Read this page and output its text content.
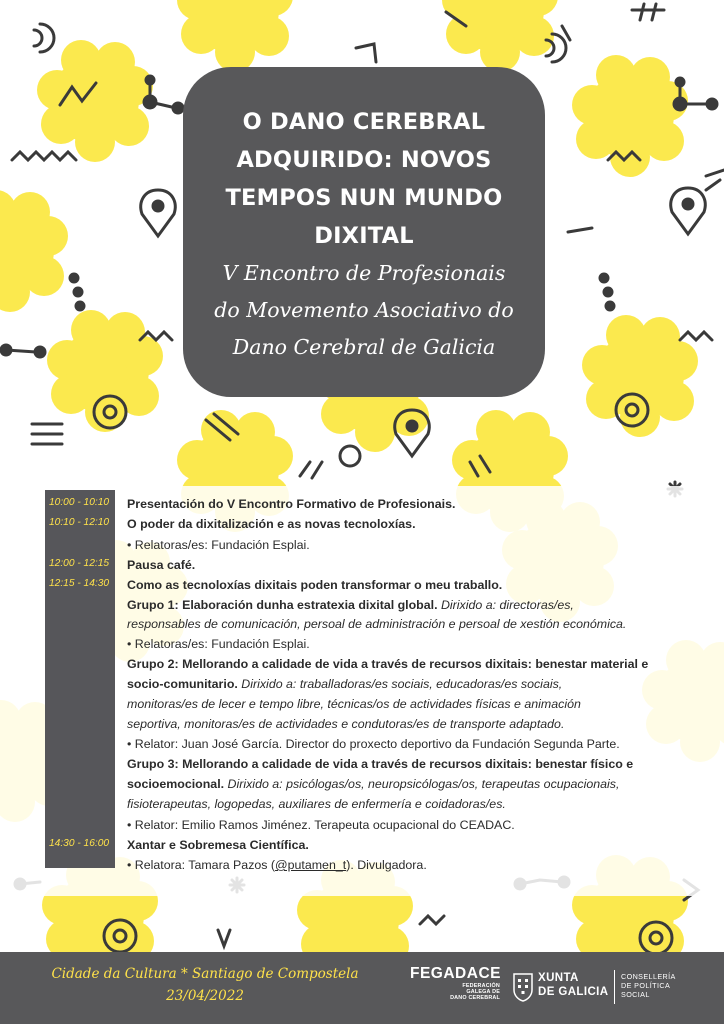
O DANO CEREBRAL
ADQUIRIDO: NOVOS
TEMPOS NUN MUNDO
DIXITAL
V Encontro de Profesionais
do Movemento Asociativo do
Dano Cerebral de Galicia
10:00 - 10:10
10:10 - 12:10
12:00 - 12:15
12:15 - 14:30
14:30 - 16:00
Presentación do V Encontro Formativo de Profesionais.
O poder da dixitalización e as novas tecnoloxías.
• Relatoras/es: Fundación Esplai.
Pausa café.
Como as tecnoloxías dixitais poden transformar o meu traballo.
Grupo 1: Elaboración dunha estratexia dixital global. Dirixido a: directoras/es,
responsables de comunicación, persoal de administración e persoal de xestión económica.
• Relatoras/es: Fundación Esplai.
Grupo 2: Mellorando a calidade de vida a través de recursos dixitais: benestar material e
socio-comunitario. Dirixido a: traballadoras/es sociais, educadoras/es sociais,
monitoras/es de lecer e tempo libre, técnicas/os de actividades físicas e animación
seportiva, monitoras/es de actividades e condutoras/es de transporte adaptado.
• Relator: Juan José García. Director do proxecto deportivo da Fundación Segunda Parte.
Grupo 3: Mellorando a calidade de vida a través de recursos dixitais: benestar físico e
socioemocional. Dirixido a: psicólogas/os, neuropsicólogas/os, terapeutas ocupacionais,
fisioterapeutas, logopedas, auxiliares de enfermería e coidadoras/es.
• Relator: Emilio Ramos Jiménez. Terapeuta ocupacional do CEADAC.
Xantar e Sobremesa Científica.
• Relatora: Tamara Pazos (@putamen_t). Divulgadora.
Cidade da Cultura * Santiago de Compostela
23/04/2022
FEGADACE
FEDERACIÓN
GALEGA DE
DANO CEREBRAL
XUNTA
DE GALICIA
CONSELLERÍA
DE POLÍTICA
SOCIAL
